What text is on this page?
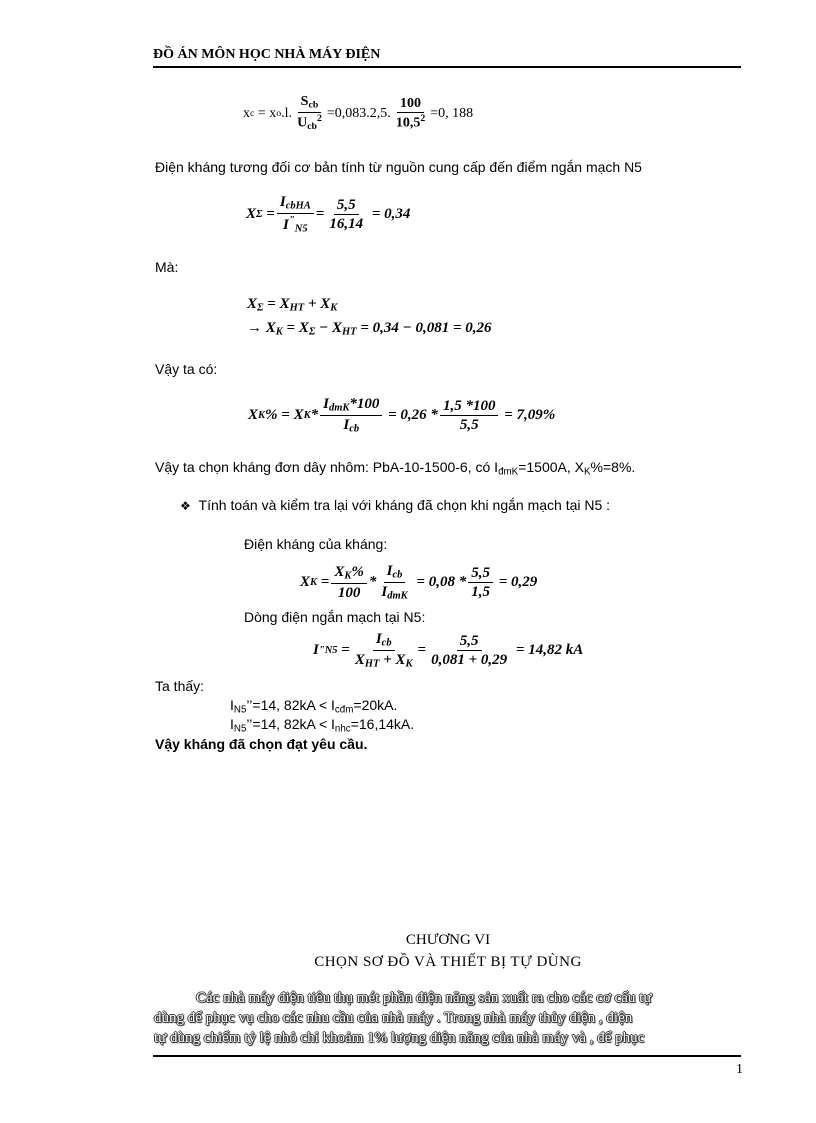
ĐỒ ÁN MÔN HỌC NHÀ MÁY ĐIỆN
x c
=
x o .l. $\frac{S_{cb}}{U_{cb}^2} =0,083.2,5$. $\frac{100}{10,5^2} =0$, 188
Điện kháng tương đối cơ bản tính từ nguồn cung cấp đến điểm ngắn mạch N5
X Σ
= $\frac{I_{cbHA}}{I^"_{N5}} = \frac{5,5}{16,14}$
= 0,34
Mà:
$X_\Sigma = X_{HT} + X_K$
→ $X_K = X_\Sigma - X_{HT} = 0,34 - 0,081 = 0,26$
Vậy ta có:
X K % =
X K * $\frac{I_{dmK}*100}{I_{cb}}$
= $0,26 * \frac{1,5 *100}{5,5}$
= 7,09%
Vậy ta chọn kháng đơn dây nhôm: PbA-10-1500-6, có $I_{đmK}=1500A$, $X_K\%=8\%$.
❖ Tính toán và kiểm tra lại với kháng đã chọn khi ngắn mạch tại N5 :
Điện kháng của kháng:
X K
= $\frac{X_K\%}{100} * \frac{I_{cb}}{I_{dmK}}$
= $0,08 * \frac{5,5}{1,5}$
= 0,29
Dòng điện ngắn mạch tại N5:
I " N5
= $\frac{I_{cb}}{X_{HT} + X_K} = \frac{5,5}{0,081 + 0,29}$
= 14,82 kA
Ta thấy:
$I_{N5}’’=14$, $82kA < I_{cđm}=20kA$.
$I_{N5}’’=14$, $82kA < I_{nhc}=16,14kA$.
Vậy kháng đã chọn đạt yêu cầu.
CHƯƠNG VI
CHỌN SƠ ĐỒ VÀ THIẾT BỊ TỰ DÙNG
Các nhà máy điện tiêu thụ mét phần điện năng sản xuất ra cho các cơ cấu tự
dùng để phục vụ cho các nhu cầu của nhà máy . Trong nhà máy thủy điện , điện
tự dùng chiếm tỷ lệ nhỏ chỉ khoảm 1% lượng điện năng của nhà máy và , để phục
1
